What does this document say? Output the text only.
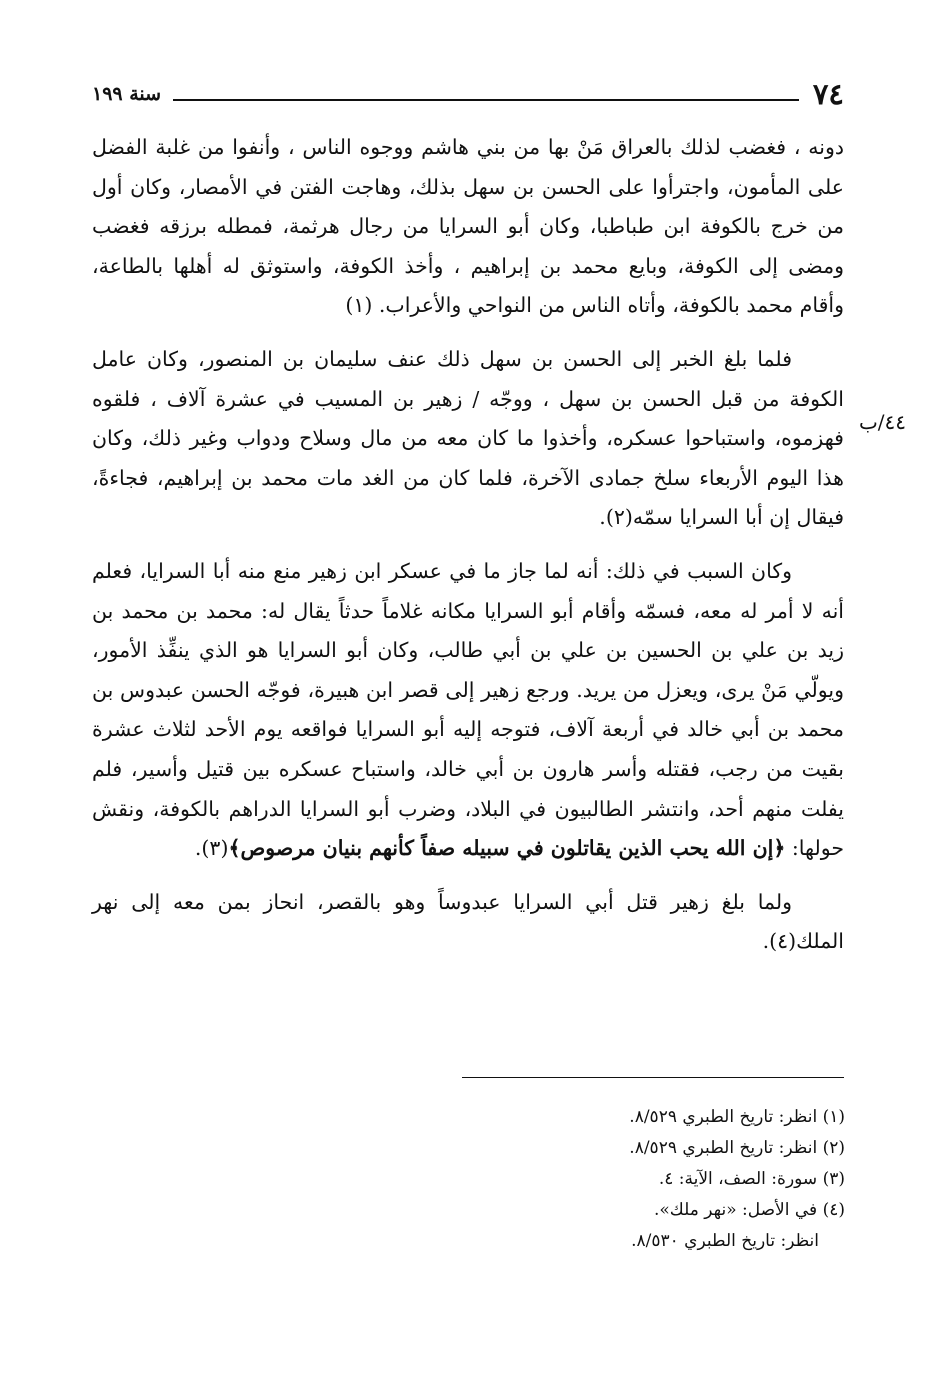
٧٤
سنة ١٩٩
٤٤/ب

دونه ، فغضب لذلك بالعراق مَنْ بها من بني هاشم ووجوه الناس ، وأنفوا من غلبة الفضل على المأمون، واجترأوا على الحسن بن سهل بذلك، وهاجت الفتن في الأمصار، وكان أول من خرج بالكوفة ابن طباطبا، وكان أبو السرايا من رجال هرثمة، فمطله برزقه فغضب ومضى إلى الكوفة، وبايع محمد بن إبراهيم ، وأخذ الكوفة، واستوثق له أهلها بالطاعة، وأقام محمد بالكوفة، وأتاه الناس من النواحي والأعراب. (١)

فلما بلغ الخبر إلى الحسن بن سهل ذلك عنف سليمان بن المنصور، وكان عامل الكوفة من قبل الحسن بن سهل ، ووجّه / زهير بن المسيب في عشرة آلاف ، فلقوه فهزموه، واستباحوا عسكره، وأخذوا ما كان معه من مال وسلاح ودواب وغير ذلك، وكان هذا اليوم الأربعاء سلخ جمادى الآخرة، فلما كان من الغد مات محمد بن إبراهيم، فجاءةً، فيقال إن أبا السرايا سمّه(٢).

وكان السبب في ذلك: أنه لما جاز ما في عسكر ابن زهير منع منه أبا السرايا، فعلم أنه لا أمر له معه، فسمّه وأقام أبو السرايا مكانه غلاماً حدثاً يقال له: محمد بن محمد بن زيد بن علي بن الحسين بن علي بن أبي طالب، وكان أبو السرايا هو الذي ينفِّذ الأمور، ويولّي مَنْ يرى، ويعزل من يريد. ورجع زهير إلى قصر ابن هبيرة، فوجّه الحسن عبدوس بن محمد بن أبي خالد في أربعة آلاف، فتوجه إليه أبو السرايا فواقعه يوم الأحد لثلاث عشرة بقيت من رجب، فقتله وأسر هارون بن أبي خالد، واستباح عسكره بين قتيل وأسير، فلم يفلت منهم أحد، وانتشر الطالبيون في البلاد، وضرب أبو السرايا الدراهم بالكوفة، ونقش حولها: ﴿إن الله يحب الذين يقاتلون في سبيله صفاً كأنهم بنيان مرصوص﴾(٣).

ولما بلغ زهير قتل أبي السرايا عبدوساً وهو بالقصر، انحاز بمن معه إلى نهر الملك(٤).

(١) انظر: تاريخ الطبري ٨/٥٢٩.

(٢) انظر: تاريخ الطبري ٨/٥٢٩.

(٣) سورة: الصف، الآية: ٤.

(٤) في الأصل: «نهر ملك».

انظر: تاريخ الطبري ٨/٥٣٠.
